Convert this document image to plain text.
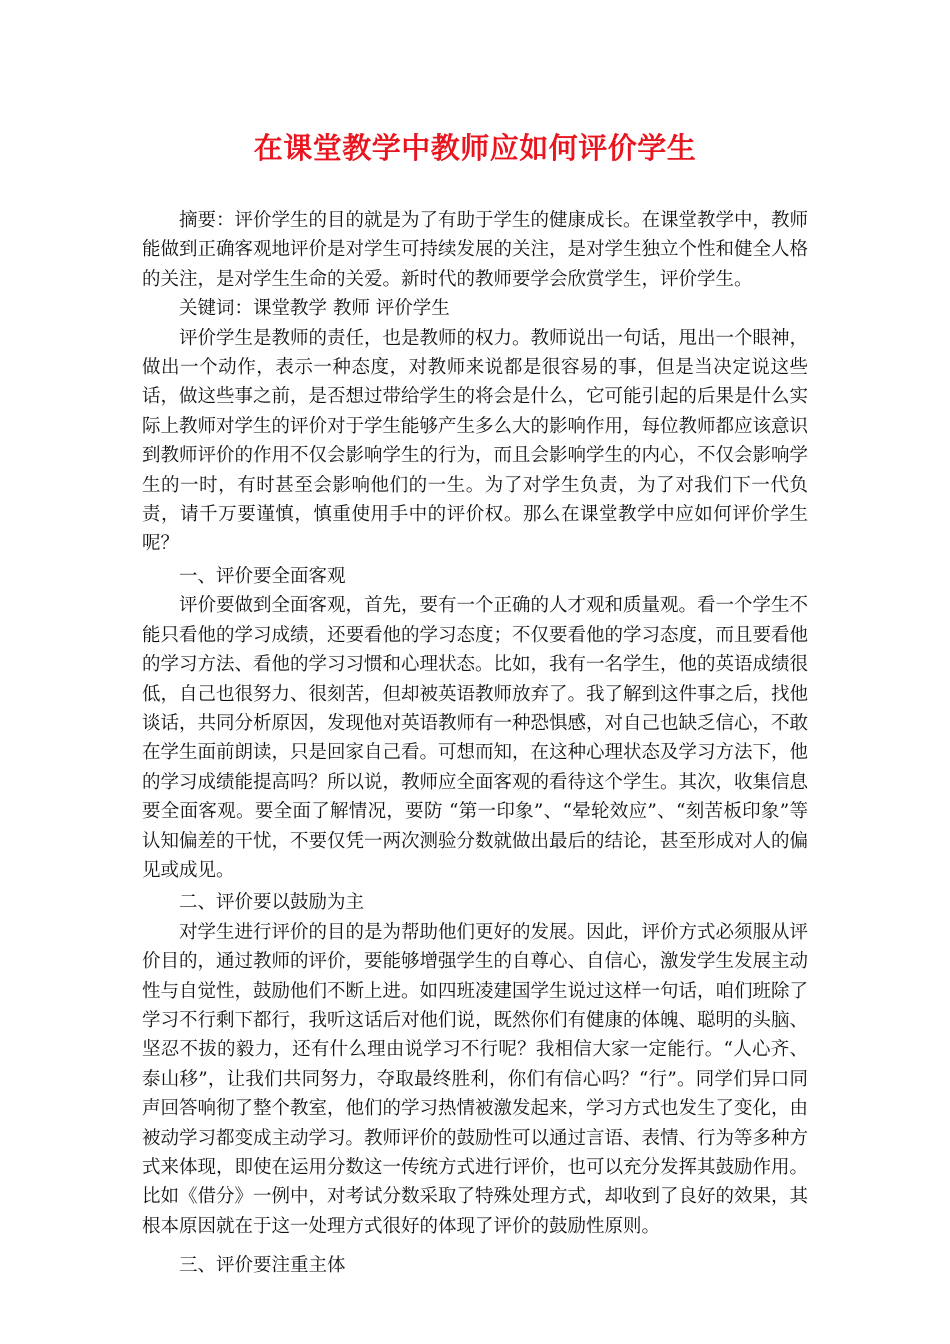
在课堂教学中教师应如何评价学生

摘要：评价学生的目的就是为了有助于学生的健康成长。在课堂教学中，教师能做到正确客观地评价是对学生可持续发展的关注，是对学生独立个性和健全人格的关注，是对学生生命的关爱。新时代的教师要学会欣赏学生，评价学生。

关键词：课堂教学 教师 评价学生

评价学生是教师的责任，也是教师的权力。教师说出一句话，甩出一个眼神，做出一个动作，表示一种态度，对教师来说都是很容易的事，但是当决定说这些话，做这些事之前，是否想过带给学生的将会是什么，它可能引起的后果是什么实际上教师对学生的评价对于学生能够产生多么大的影响作用，每位教师都应该意识到教师评价的作用不仅会影响学生的行为，而且会影响学生的内心，不仅会影响学生的一时，有时甚至会影响他们的一生。为了对学生负责，为了对我们下一代负责，请千万要谨慎，慎重使用手中的评价权。那么在课堂教学中应如何评价学生呢？

一、评价要全面客观

评价要做到全面客观，首先，要有一个正确的人才观和质量观。看一个学生不能只看他的学习成绩，还要看他的学习态度；不仅要看他的学习态度，而且要看他的学习方法、看他的学习习惯和心理状态。比如，我有一名学生，他的英语成绩很低，自己也很努力、很刻苦，但却被英语教师放弃了。我了解到这件事之后，找他谈话，共同分析原因，发现他对英语教师有一种恐惧感，对自己也缺乏信心，不敢在学生面前朗读，只是回家自己看。可想而知，在这种心理状态及学习方法下，他的学习成绩能提高吗？所以说，教师应全面客观的看待这个学生。其次，收集信息要全面客观。要全面了解情况，要防 “第一印象”、“晕轮效应”、“刻苦板印象”等认知偏差的干忧，不要仅凭一两次测验分数就做出最后的结论，甚至形成对人的偏见或成见。

二、评价要以鼓励为主

对学生进行评价的目的是为帮助他们更好的发展。因此，评价方式必须服从评价目的，通过教师的评价，要能够增强学生的自尊心、自信心，激发学生发展主动性与自觉性，鼓励他们不断上进。如四班凌建国学生说过这样一句话，咱们班除了学习不行剩下都行，我听这话后对他们说，既然你们有健康的体魄、聪明的头脑、坚忍不拔的毅力，还有什么理由说学习不行呢？我相信大家一定能行。“人心齐、泰山移”，让我们共同努力，夺取最终胜利，你们有信心吗？“行”。同学们异口同声回答响彻了整个教室，他们的学习热情被激发起来，学习方式也发生了变化，由被动学习都变成主动学习。教师评价的鼓励性可以通过言语、表情、行为等多种方式来体现，即使在运用分数这一传统方式进行评价，也可以充分发挥其鼓励作用。比如《借分》一例中，对考试分数采取了特殊处理方式，却收到了良好的效果，其根本原因就在于这一处理方式很好的体现了评价的鼓励性原则。

三、评价要注重主体
